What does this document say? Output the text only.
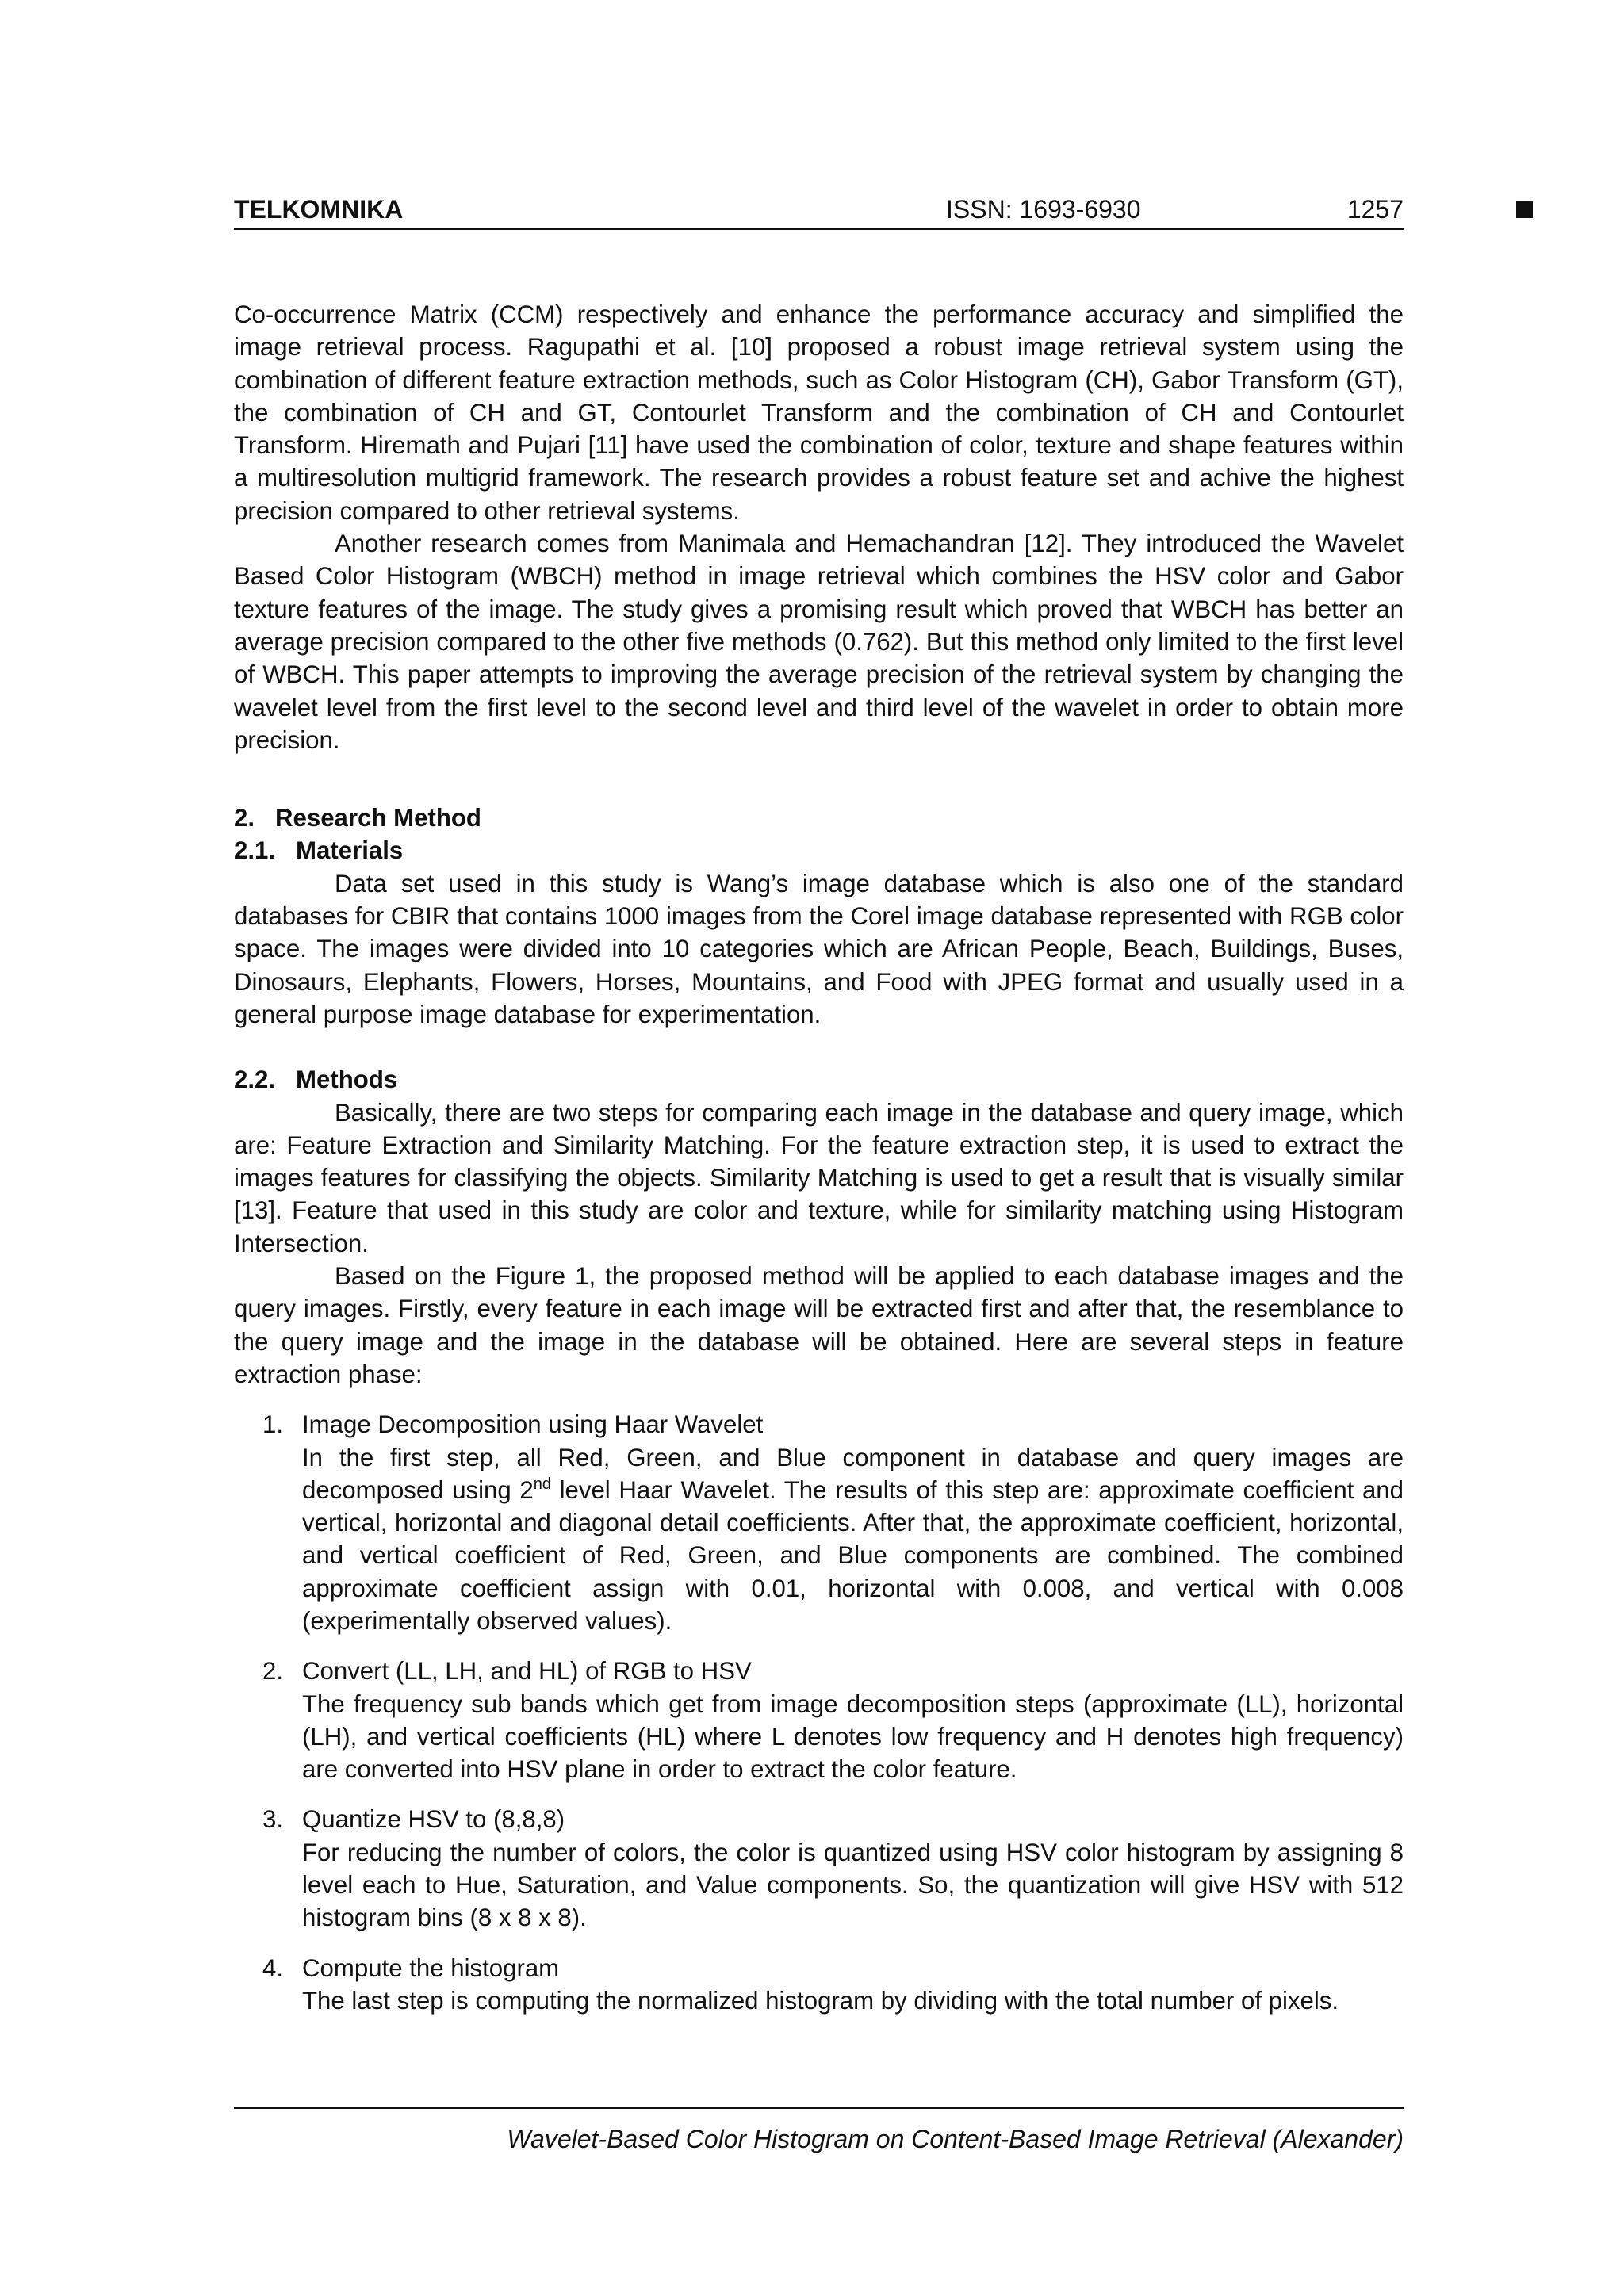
TELKOMNIKA	ISSN: 1693-6930	1257

Co-occurrence Matrix (CCM) respectively and enhance the performance accuracy and simplified the image retrieval process. Ragupathi et al. [10] proposed a robust image retrieval system using the combination of different feature extraction methods, such as Color Histogram (CH), Gabor Transform (GT), the combination of CH and GT, Contourlet Transform and the combination of CH and Contourlet Transform. Hiremath and Pujari [11] have used the combination of color, texture and shape features within a multiresolution multigrid framework. The research provides a robust feature set and achive the highest precision compared to other retrieval systems.

Another research comes from Manimala and Hemachandran [12]. They introduced the Wavelet Based Color Histogram (WBCH) method in image retrieval which combines the HSV color and Gabor texture features of the image. The study gives a promising result which proved that WBCH has better an average precision compared to the other five methods (0.762). But this method only limited to the first level of WBCH. This paper attempts to improving the average precision of the retrieval system by changing the wavelet level from the first level to the second level and third level of the wavelet in order to obtain more precision.

2.   Research Method
2.1.   Materials

Data set used in this study is Wang’s image database which is also one of the standard databases for CBIR that contains 1000 images from the Corel image database represented with RGB color space. The images were divided into 10 categories which are African People, Beach, Buildings, Buses, Dinosaurs, Elephants, Flowers, Horses, Mountains, and Food with JPEG format and usually used in a general purpose image database for experimentation.

2.2.   Methods

Basically, there are two steps for comparing each image in the database and query image, which are: Feature Extraction and Similarity Matching. For the feature extraction step, it is used to extract the images features for classifying the objects. Similarity Matching is used to get a result that is visually similar [13]. Feature that used in this study are color and texture, while for similarity matching using Histogram Intersection.

Based on the Figure 1, the proposed method will be applied to each database images and the query images. Firstly, every feature in each image will be extracted first and after that, the resemblance to the query image and the image in the database will be obtained. Here are several steps in feature extraction phase:

1. Image Decomposition using Haar Wavelet
In the first step, all Red, Green, and Blue component in database and query images are decomposed using 2nd level Haar Wavelet. The results of this step are: approximate coefficient and vertical, horizontal and diagonal detail coefficients. After that, the approximate coefficient, horizontal, and vertical coefficient of Red, Green, and Blue components are combined. The combined approximate coefficient assign with 0.01, horizontal with 0.008, and vertical with 0.008 (experimentally observed values).
2. Convert (LL, LH, and HL) of RGB to HSV
The frequency sub bands which get from image decomposition steps (approximate (LL), horizontal (LH), and vertical coefficients (HL) where L denotes low frequency and H denotes high frequency) are converted into HSV plane in order to extract the color feature.
3. Quantize HSV to (8,8,8)
For reducing the number of colors, the color is quantized using HSV color histogram by assigning 8 level each to Hue, Saturation, and Value components. So, the quantization will give HSV with 512 histogram bins (8 x 8 x 8).
4. Compute the histogram
The last step is computing the normalized histogram by dividing with the total number of pixels.
Wavelet-Based Color Histogram on Content-Based Image Retrieval (Alexander)
